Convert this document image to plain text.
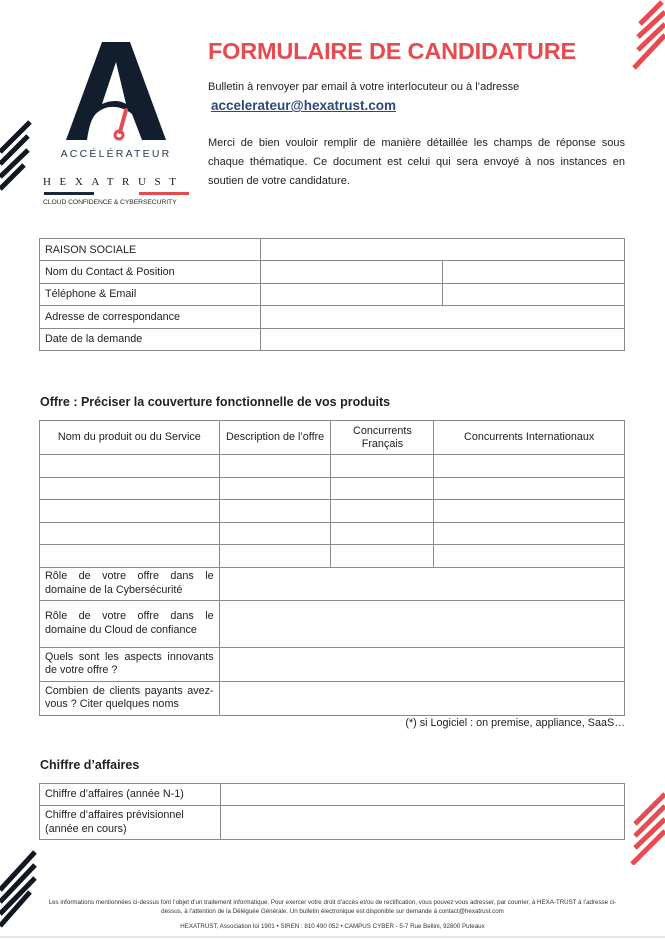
ACCÉLÉRATEUR
HEXATRUST
CLOUD CONFIDENCE & CYBERSECURITY
FORMULAIRE DE CANDIDATURE
Bulletin à renvoyer par email à votre interlocuteur ou à l’adresse
accelerateur@hexatrust.com
Merci de bien vouloir remplir de manière détaillée les champs de réponse sous chaque thématique. Ce document est celui qui sera envoyé à nos instances en soutien de votre candidature.
RAISON SOCIALE		
Nom du Contact & Position		
Téléphone & Email		
Adresse de correspondance		
Date de la demande		
Offre : Préciser la couverture fonctionnelle de vos produits
Nom du produit ou du Service	Description de l’offre	Concurrents Français	Concurrents Internationaux

Rôle de votre offre dans le domaine de la Cybersécurité			
Rôle de votre offre dans le domaine du Cloud de confiance			
Quels sont les aspects innovants de votre offre ?			
Combien de clients payants avez-vous ? Citer quelques noms			
(*) si Logiciel : on premise, appliance, SaaS…
Chiffre d’affaires
Chiffre d’affaires (année N-1)	
Chiffre d’affaires prévisionnel (année en cours)	
Les informations mentionnées ci-dessus font l’objet d’un traitement informatique. Pour exercer votre droit d’accès et/ou de rectification, vous pouvez vous adresser, par courrier, à HEXA-TRUST à l’adresse ci-dessus, à l’attention de la Déléguée Générale. Un bulletin électronique est disponible sur demande à contact@hexatrust.com
HEXATRUST, Association loi 1901 • SIREN : 810 490 052 • CAMPUS CYBER - 5-7 Rue Bellini, 92800 Puteaux
